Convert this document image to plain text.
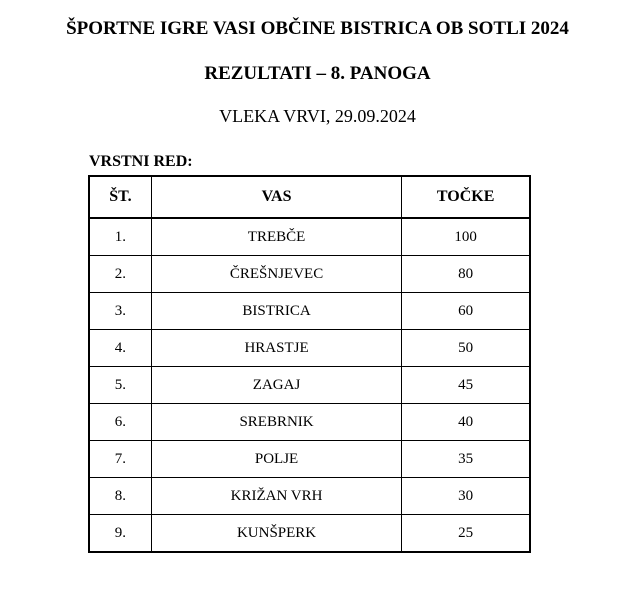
ŠPORTNE IGRE VASI OBČINE BISTRICA OB SOTLI 2024
REZULTATI – 8. PANOGA
VLEKA VRVI, 29.09.2024
VRSTNI RED:
ŠT.	VAS	TOČKE
1.	TREBČE	100
2.	ČREŠNJEVEC	80
3.	BISTRICA	60
4.	HRASTJE	50
5.	ZAGAJ	45
6.	SREBRNIK	40
7.	POLJE	35
8.	KRIŽAN VRH	30
9.	KUNŠPERK	25
